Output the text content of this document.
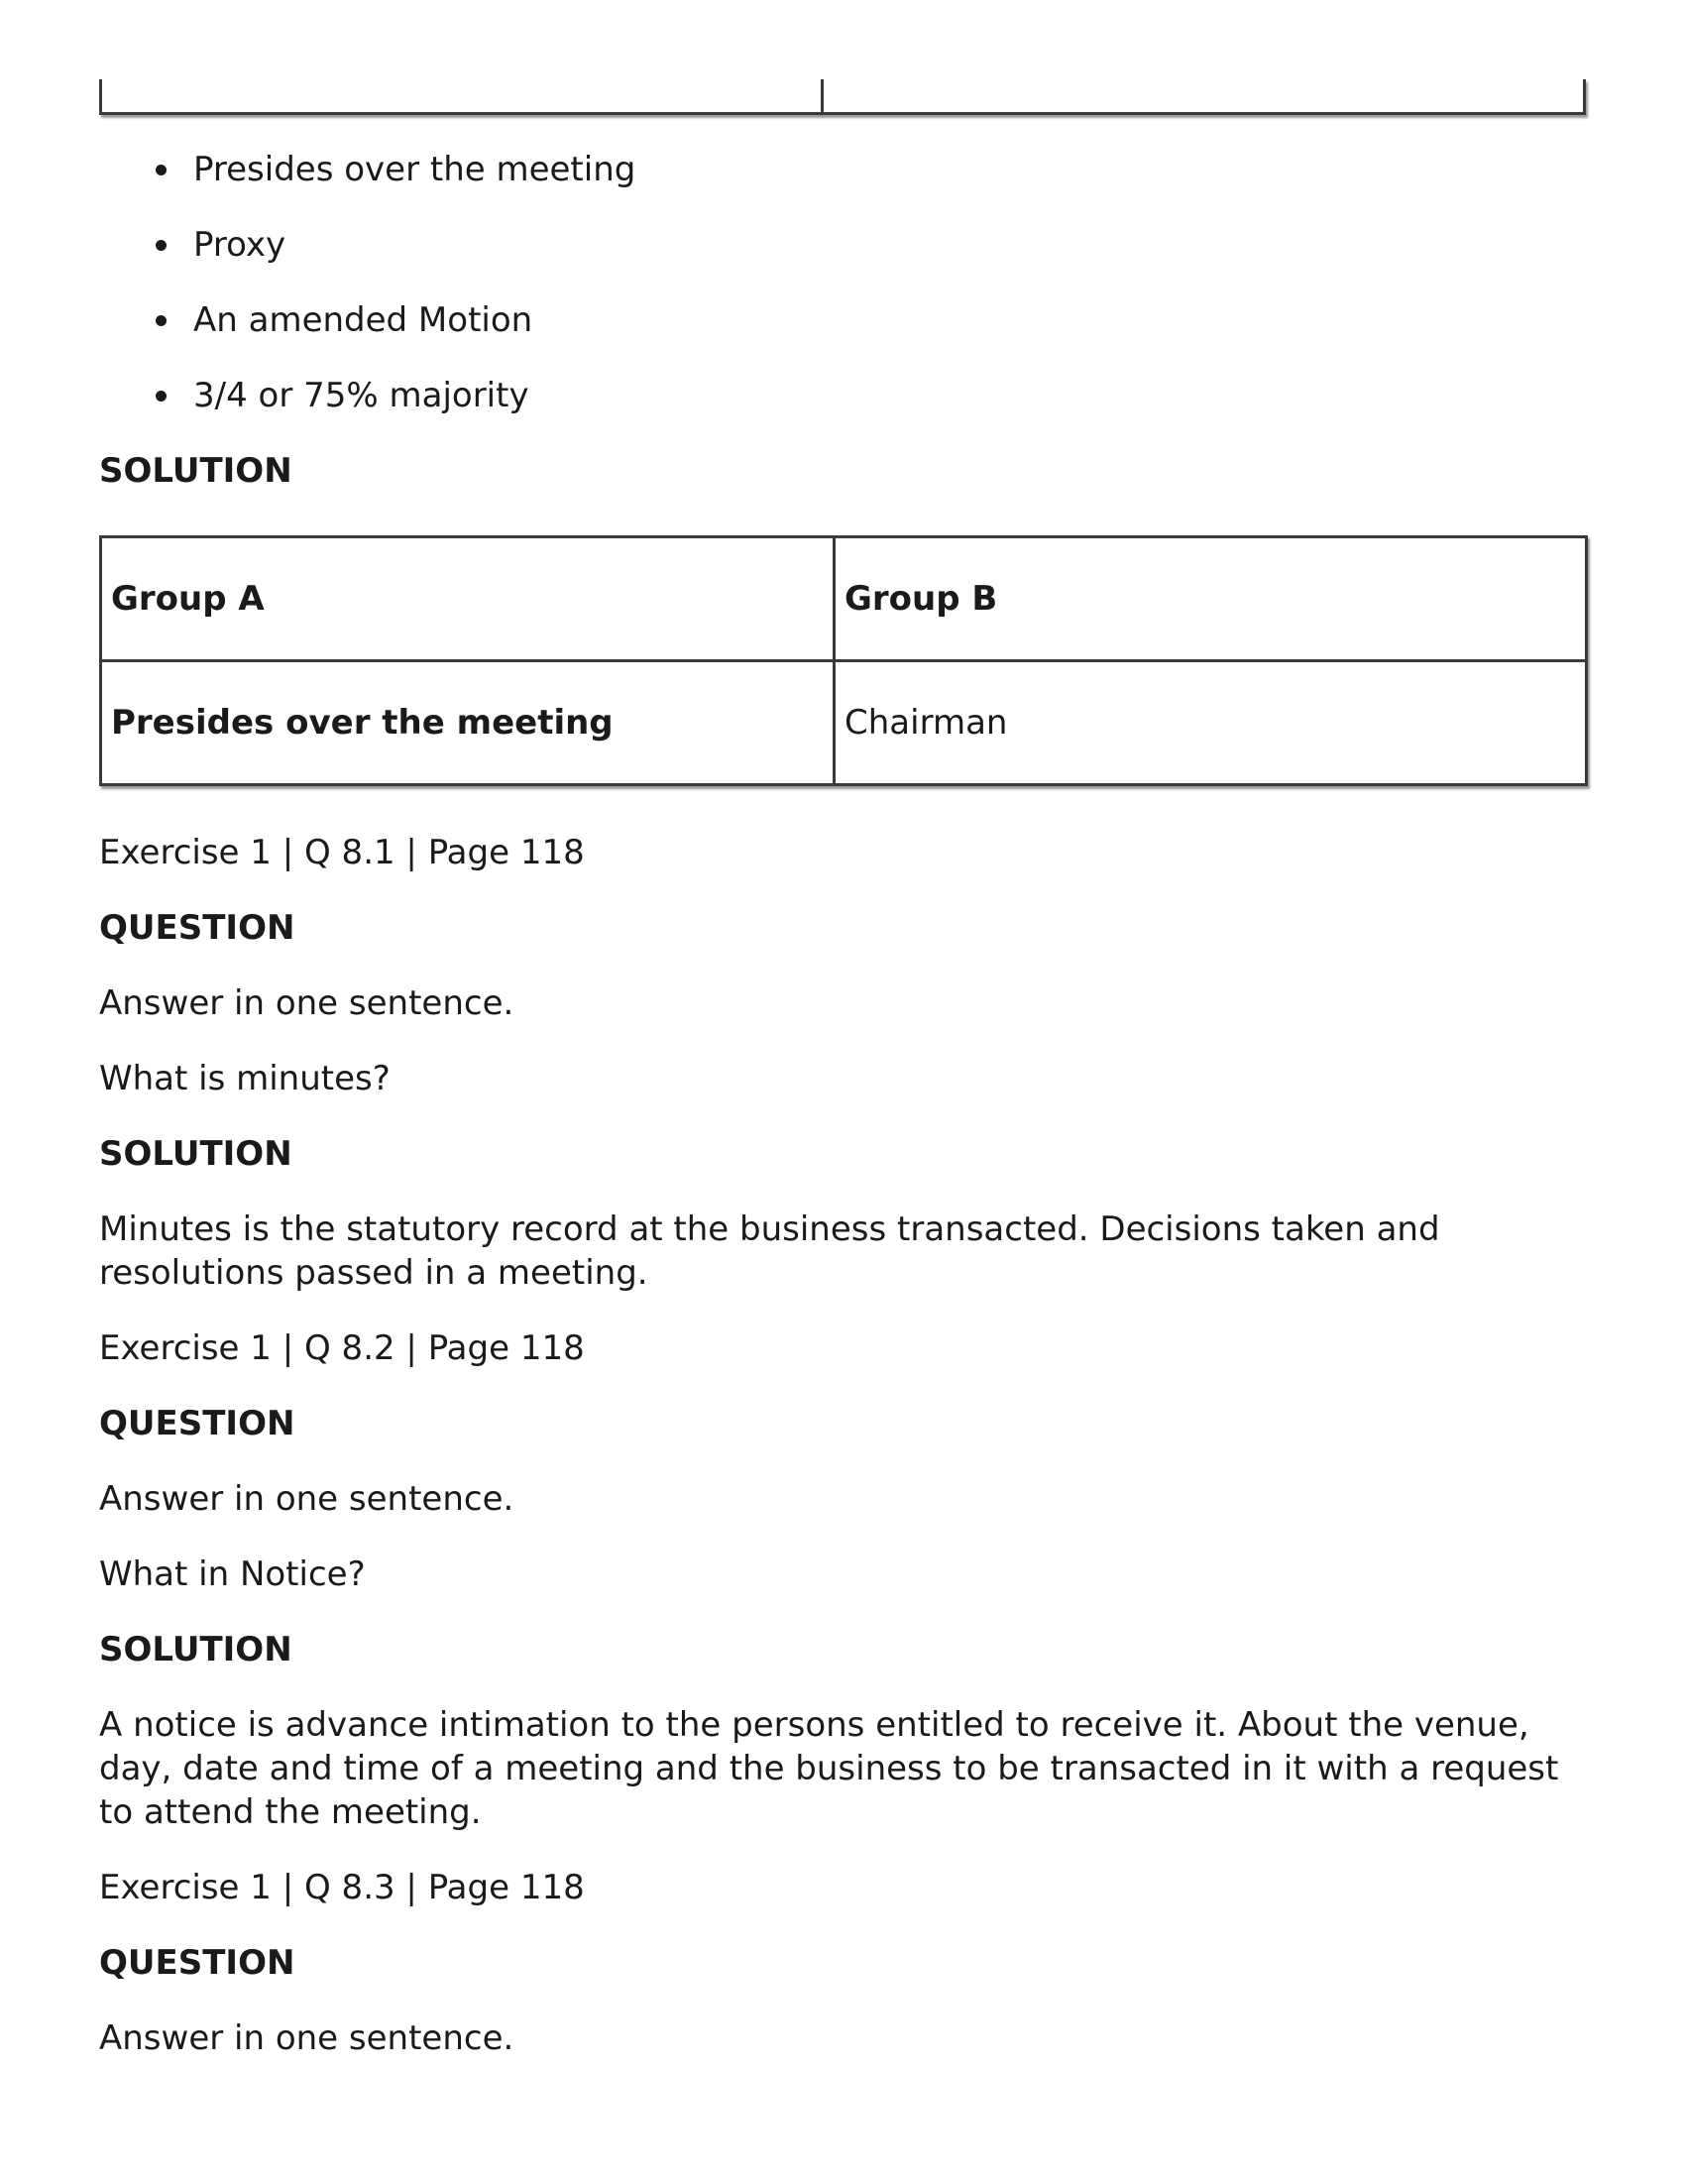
Presides over the meeting
Proxy
An amended Motion
3/4 or 75% majority

SOLUTION

Group A	Group B
Presides over the meeting	Chairman

Exercise 1 | Q 8.1 | Page 118

QUESTION

Answer in one sentence.

What is minutes?

SOLUTION

Minutes is the statutory record at the business transacted. Decisions taken and resolutions passed in a meeting.

Exercise 1 | Q 8.2 | Page 118

QUESTION

Answer in one sentence.

What in Notice?

SOLUTION

A notice is advance intimation to the persons entitled to receive it. About the venue, day, date and time of a meeting and the business to be transacted in it with a request to attend the meeting.

Exercise 1 | Q 8.3 | Page 118

QUESTION

Answer in one sentence.
